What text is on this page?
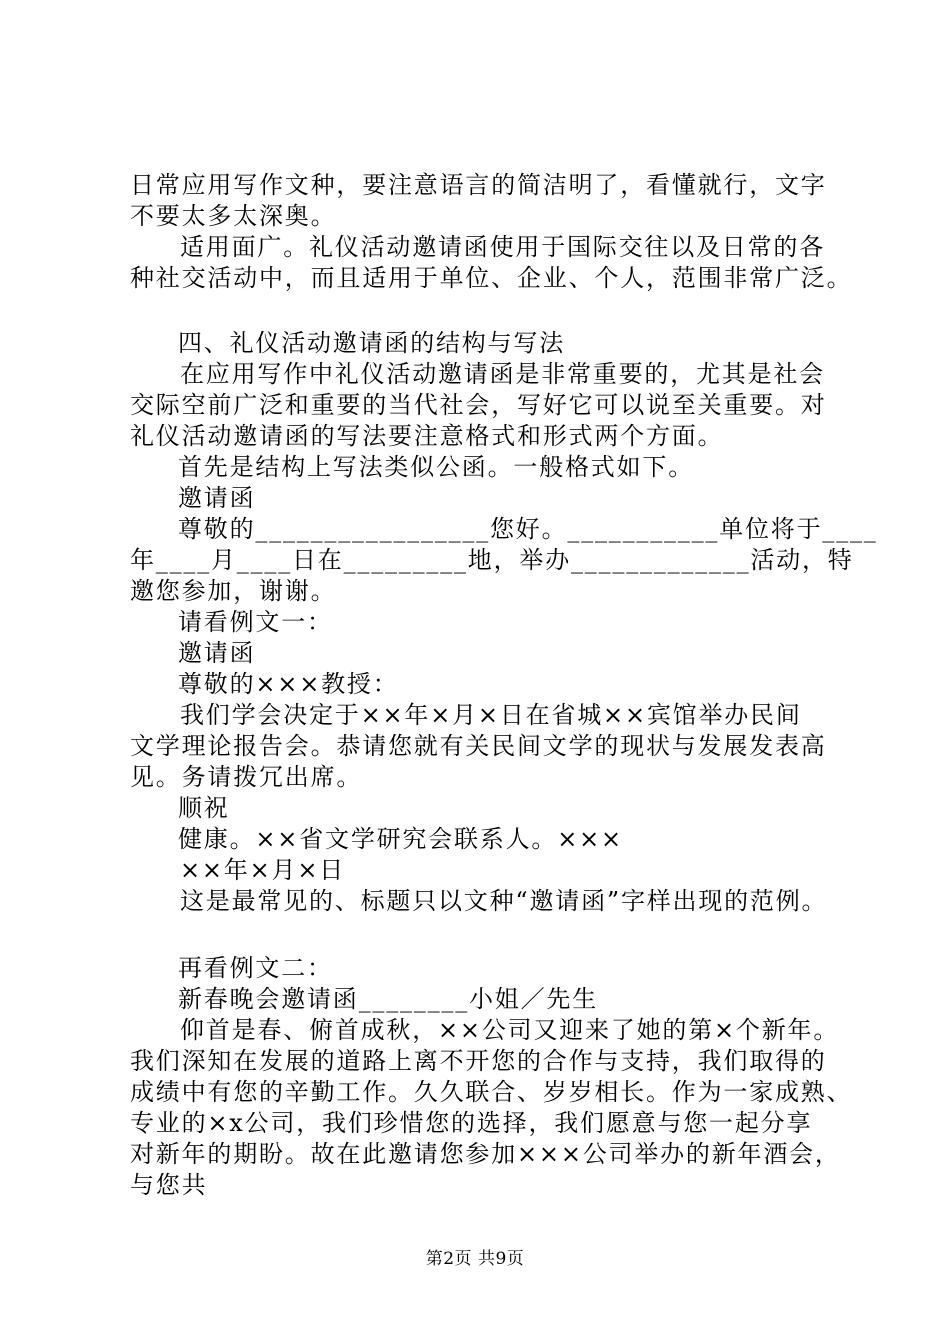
日常应用写作文种，要注意语言的简洁明了，看懂就行，文字
不要太多太深奥。
适用面广。礼仪活动邀请函使用于国际交往以及日常的各
种社交活动中，而且适用于单位、企业、个人，范围非常广泛。
四、礼仪活动邀请函的结构与写法
在应用写作中礼仪活动邀请函是非常重要的，尤其是社会
交际空前广泛和重要的当代社会，写好它可以说至关重要。对
礼仪活动邀请函的写法要注意格式和形式两个方面。
首先是结构上写法类似公函。一般格式如下。
邀请函
尊敬的_________________您好。___________单位将于____
年____月____日在_________地，举办_____________活动，特
邀您参加，谢谢。
请看例文一：
邀请函
尊敬的×××教授：
我们学会决定于××年×月×日在省城××宾馆举办民间
文学理论报告会。恭请您就有关民间文学的现状与发展发表高
见。务请拨冗出席。
顺祝
健康。××省文学研究会联系人。×××
××年×月×日
这是最常见的、标题只以文种“邀请函”字样出现的范例。
再看例文二：
新春晚会邀请函________小姐／先生
仰首是春、俯首成秋，××公司又迎来了她的第×个新年。
我们深知在发展的道路上离不开您的合作与支持，我们取得的
成绩中有您的辛勤工作。久久联合、岁岁相长。作为一家成熟、
专业的×x公司，我们珍惜您的选择，我们愿意与您一起分享
对新年的期盼。故在此邀请您参加×××公司举办的新年酒会，
与您共
第2页 共9页
